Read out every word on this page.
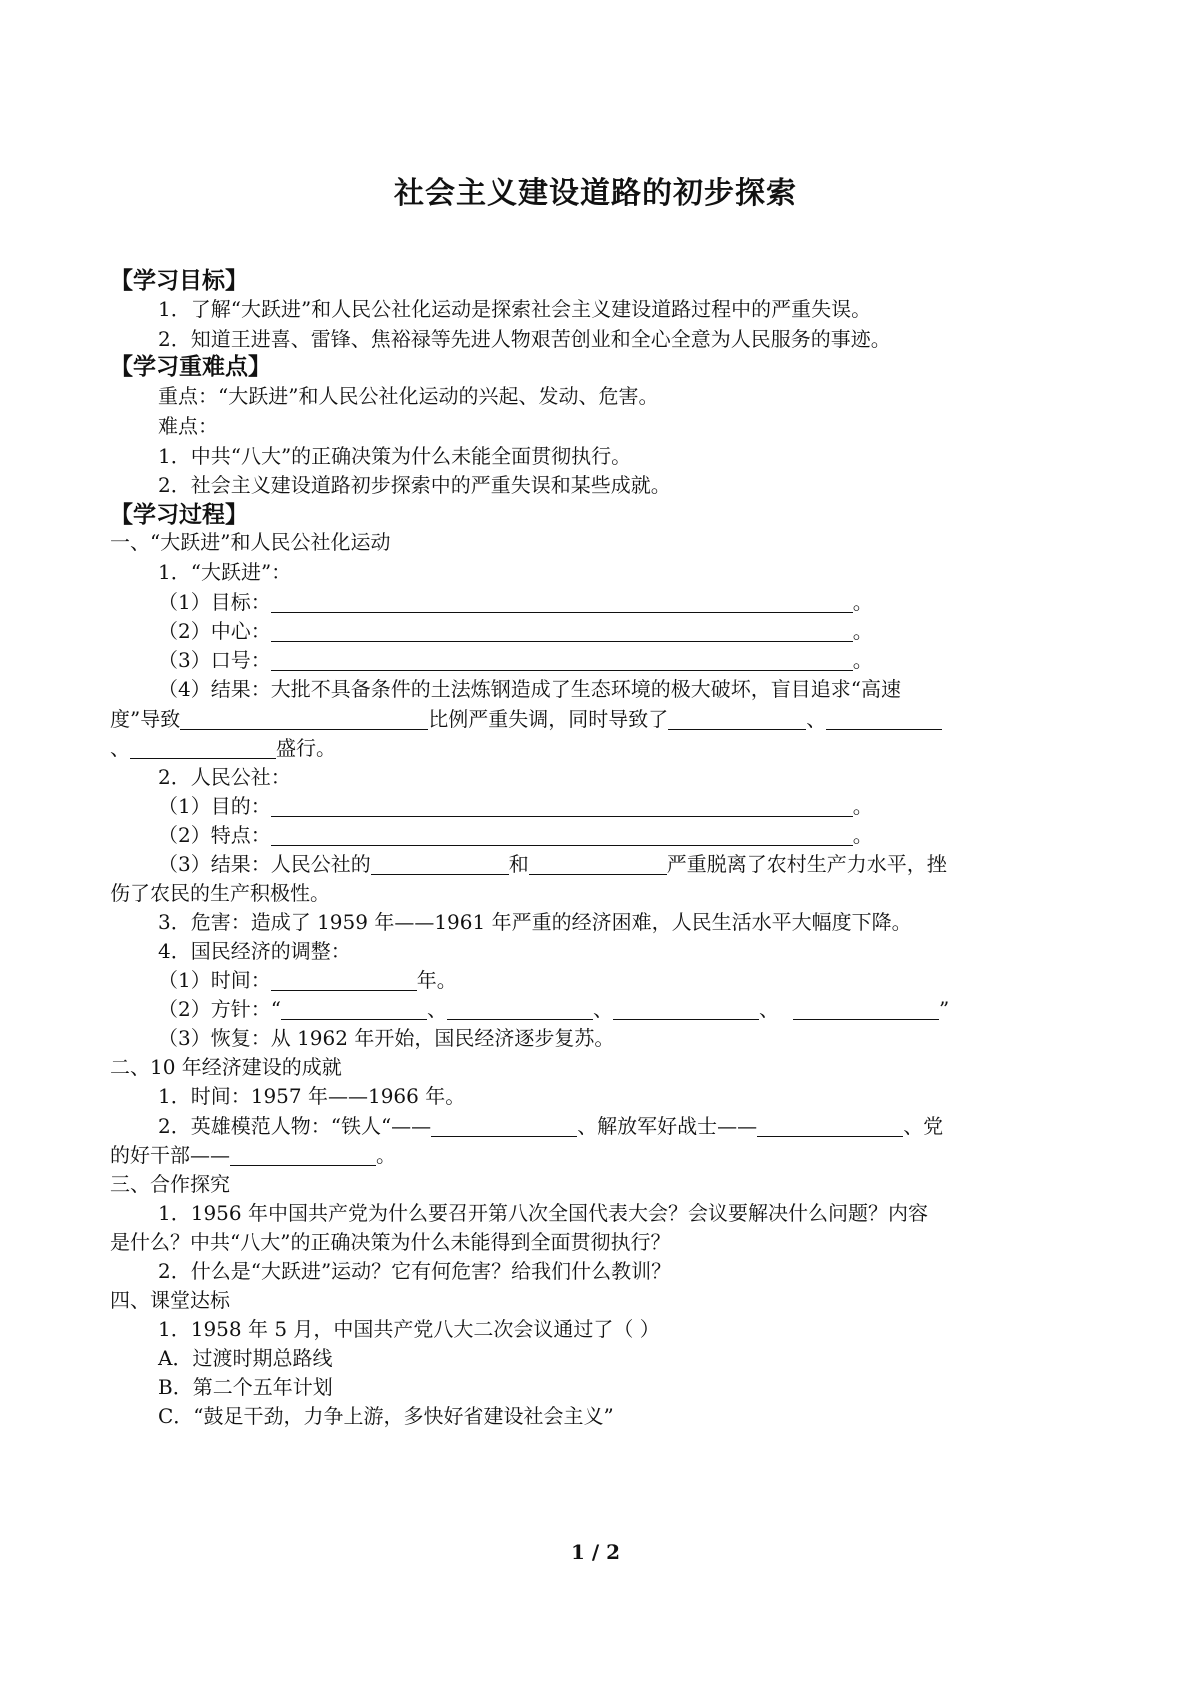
社会主义建设道路的初步探索
【学习目标】
1．了解“大跃进”和人民公社化运动是探索社会主义建设道路过程中的严重失误。
2．知道王进喜、雷锋、焦裕禄等先进人物艰苦创业和全心全意为人民服务的事迹。
【学习重难点】
重点：“大跃进”和人民公社化运动的兴起、发动、危害。
难点：
1．中共“八大”的正确决策为什么未能全面贯彻执行。
2．社会主义建设道路初步探索中的严重失误和某些成就。
【学习过程】
一、“大跃进”和人民公社化运动
1．“大跃进”：
（1）目标：	。
（2）中心：	。
（3）口号：	。
（4）结果：大批不具备条件的土法炼钢造成了生态环境的极大破坏，盲目追求“高速
度”导致	比例严重失调，同时导致了	、
、	盛行。
2．人民公社：
（1）目的：	。
（2）特点：	。
（3）结果：人民公社的	和	严重脱离了农村生产力水平，挫
伤了农民的生产积极性。
3．危害：造成了 1959 年——1961 年严重的经济困难，人民生活水平大幅度下降。
4．国民经济的调整：
（1）时间：	年。
（2）方针：“	、	、	、	”
（3）恢复：从 1962 年开始，国民经济逐步复苏。
二、10 年经济建设的成就
1．时间：1957 年——1966 年。
2．英雄模范人物：“铁人“——	、解放军好战士——	、党
的好干部——	。
三、合作探究
1．1956 年中国共产党为什么要召开第八次全国代表大会？会议要解决什么问题？内容
是什么？中共“八大”的正确决策为什么未能得到全面贯彻执行？
2．什么是“大跃进”运动？它有何危害？给我们什么教训？
四、课堂达标
1．1958 年 5 月，中国共产党八大二次会议通过了（ ）
A．过渡时期总路线
B．第二个五年计划
C．“鼓足干劲，力争上游，多快好省建设社会主义”
1 / 2
